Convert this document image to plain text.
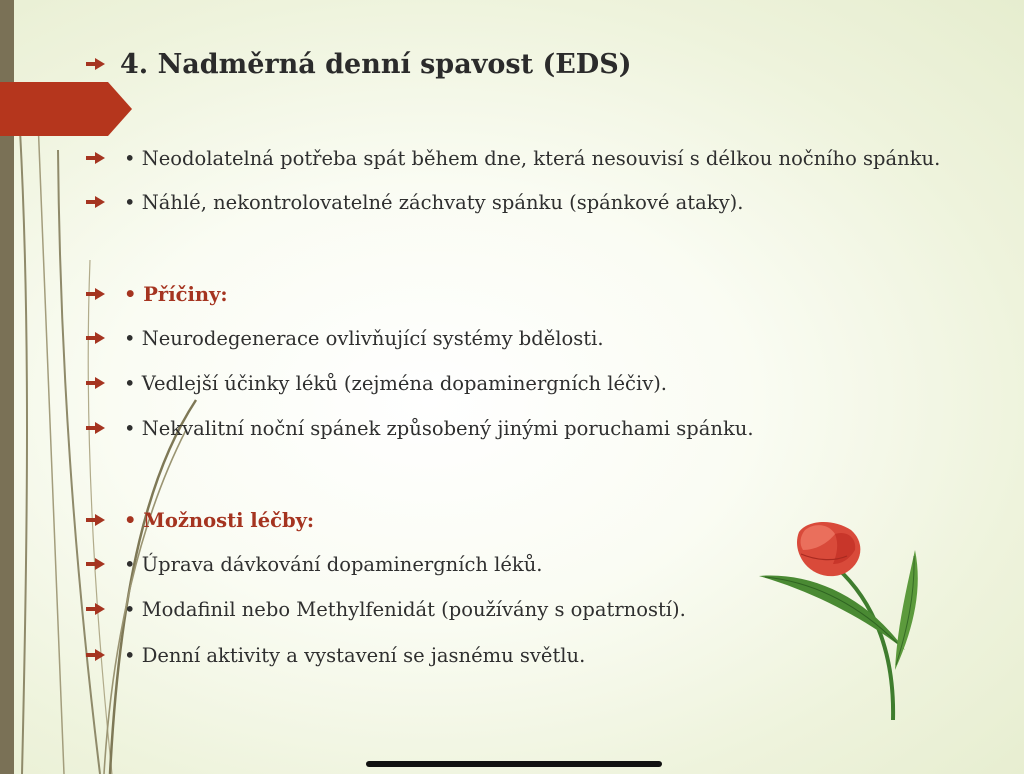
4. Nadměrná denní spavost (EDS)
• Neodolatelná potřeba spát během dne, která nesouvisí s délkou nočního spánku.
• Náhlé, nekontrolovatelné záchvaty spánku (spánkové ataky).
• Příčiny:
• Neurodegenerace ovlivňující systémy bdělosti.
• Vedlejší účinky léků (zejména dopaminergních léčiv).
• Nekvalitní noční spánek způsobený jinými poruchami spánku.
• Možnosti léčby:
• Úprava dávkování dopaminergních léků.
• Modafinil nebo Methylfenidát (používány s opatrností).
• Denní aktivity a vystavení se jasnému světlu.
